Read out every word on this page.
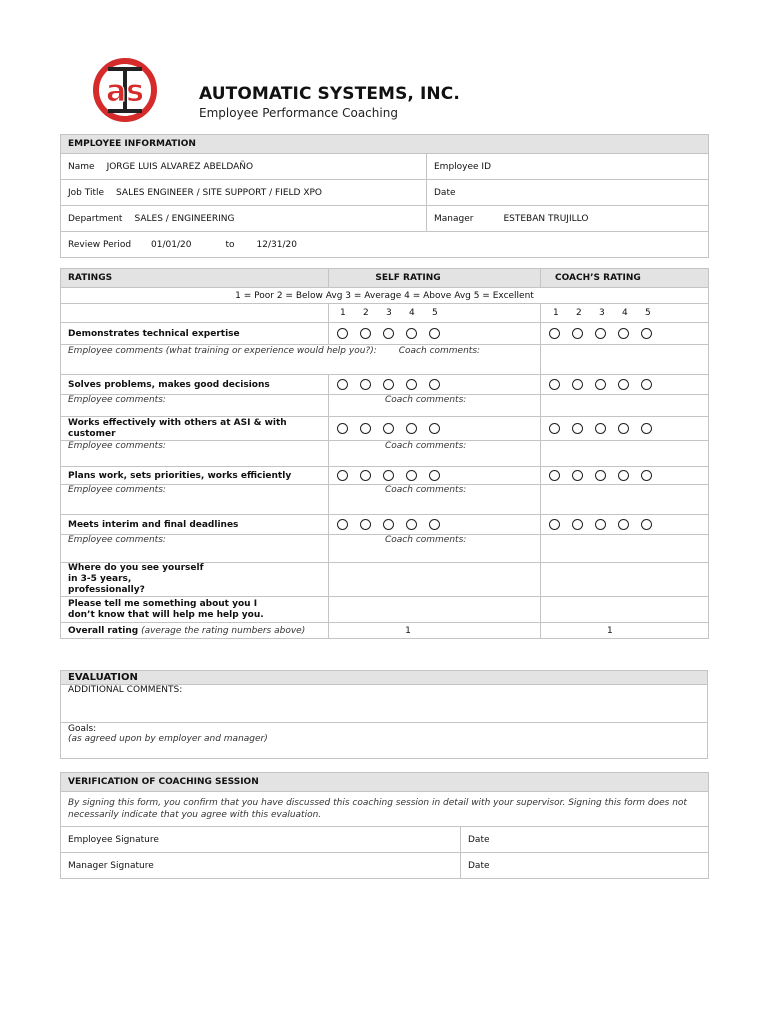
as	AUTOMATIC SYSTEMS, INC.
Employee Performance Coaching
EMPLOYEE INFORMATION	
Name JORGE LUIS ALVAREZ ABELDAÑO	Employee ID
Job Title SALES ENGINEER / SITE SUPPORT / FIELD XPO	Date
Department SALES / ENGINEERING	Manager ESTEBAN TRUJILLO
Review Period 01/01/20 to 12/31/20	
RATINGS	SELF RATING	COACH’S RATING
1 = Poor 2 = Below Avg 3 = Average 4 = Above Avg 5 = Excellent		
	1 2 3 4 5	1 2 3 4 5
Demonstrates technical expertise		
Employee comments (what training or experience would help you?): Coach comments:		
Solves problems, makes good decisions		
Employee comments:	Coach comments:	
Works effectively with others at ASI & with customer		
Employee comments:	Coach comments:	
Plans work, sets priorities, works efficiently		
Employee comments:	Coach comments:	
Meets interim and final deadlines		
Employee comments:	Coach comments:	
Where do you see yourself in 3-5 years, professionally?		
Please tell me something about you I don’t know that will help me help you.		
Overall rating (average the rating numbers above)	1	1
EVALUATION
ADDITIONAL COMMENTS:

Goals:
(as agreed upon by employer and manager)
VERIFICATION OF COACHING SESSION	
By signing this form, you confirm that you have discussed this coaching session in detail with your supervisor. Signing this form does not necessarily indicate that you agree with this evaluation.	
Employee Signature	Date
Manager Signature	Date
